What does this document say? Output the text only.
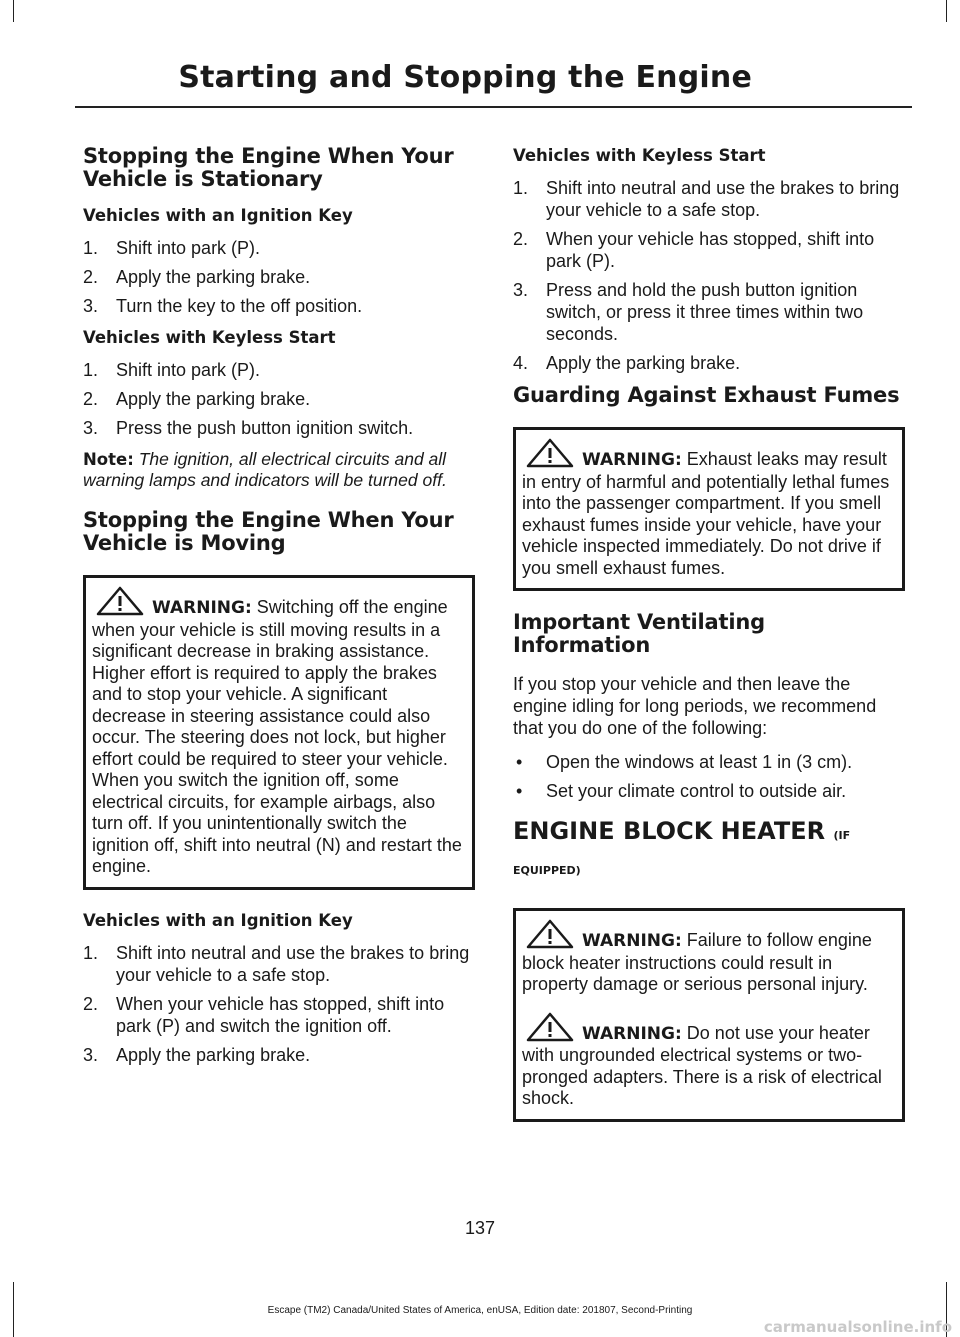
Starting and Stopping the Engine
Stopping the Engine When Your Vehicle is Stationary
Vehicles with an Ignition Key
1. Shift into park (P).
2. Apply the parking brake.
3. Turn the key to the off position.
Vehicles with Keyless Start
1. Shift into park (P).
2. Apply the parking brake.
3. Press the push button ignition switch.

Note: The ignition, all electrical circuits and all warning lamps and indicators will be turned off.

Stopping the Engine When Your Vehicle is Moving

WARNING: Switching off the engine when your vehicle is still moving results in a significant decrease in braking assistance. Higher effort is required to apply the brakes and to stop your vehicle. A significant decrease in steering assistance could also occur. The steering does not lock, but higher effort could be required to steer your vehicle. When you switch the ignition off, some electrical circuits, for example airbags, also turn off. If you unintentionally switch the ignition off, shift into neutral (N) and restart the engine.

Vehicles with an Ignition Key
1. Shift into neutral and use the brakes to bring your vehicle to a safe stop.
2. When your vehicle has stopped, shift into park (P) and switch the ignition off.
3. Apply the parking brake.
Vehicles with Keyless Start
1. Shift into neutral and use the brakes to bring your vehicle to a safe stop.
2. When your vehicle has stopped, shift into park (P).
3. Press and hold the push button ignition switch, or press it three times within two seconds.
4. Apply the parking brake.
Guarding Against Exhaust Fumes

WARNING: Exhaust leaks may result in entry of harmful and potentially lethal fumes into the passenger compartment. If you smell exhaust fumes inside your vehicle, have your vehicle inspected immediately. Do not drive if you smell exhaust fumes.

Important Ventilating Information

If you stop your vehicle and then leave the engine idling for long periods, we recommend that you do one of the following:

• Open the windows at least 1 in (3 cm).
• Set your climate control to outside air.
ENGINE BLOCK HEATER (IF EQUIPPED)

WARNING: Failure to follow engine block heater instructions could result in property damage or serious personal injury.

WARNING: Do not use your heater with ungrounded electrical systems or two-pronged adapters. There is a risk of electrical shock.

137
Escape (TM2) Canada/United States of America, enUSA, Edition date: 201807, Second-Printing
carmanualsonline.info
